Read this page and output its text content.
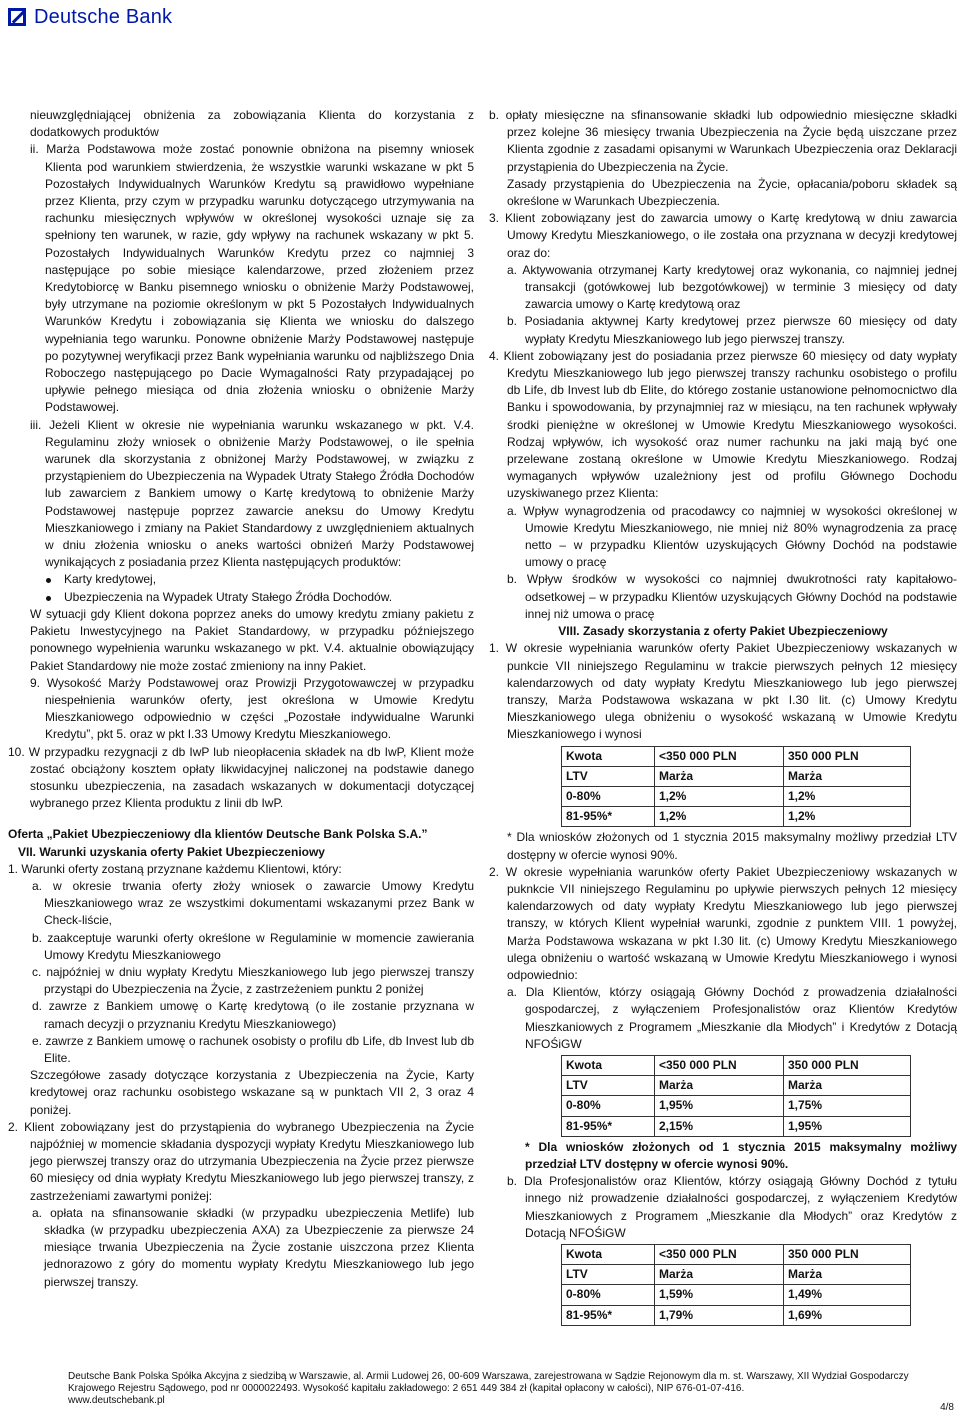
Deutsche Bank

nieuwzględniającej obniżenia za zobowiązania Klienta do korzystania z dodatkowych produktów

ii. Marża Podstawowa może zostać ponownie obniżona na pisemny wniosek Klienta pod warunkiem stwierdzenia, że wszystkie warunki wskazane w pkt 5 Pozostałych Indywidualnych Warunków Kredytu są prawidłowo wypełniane przez Klienta, przy czym w przypadku warunku dotyczącego utrzymywania na rachunku miesięcznych wpływów w określonej wysokości uznaje się za spełniony ten warunek, w razie, gdy wpływy na rachunek wskazany w pkt 5. Pozostałych Indywidualnych Warunków Kredytu przez co najmniej 3 następujące po sobie miesiące kalendarzowe, przed złożeniem przez Kredytobiorcę w Banku pisemnego wniosku o obniżenie Marży Podstawowej, były utrzymane na poziomie określonym w pkt 5 Pozostałych Indywidualnych Warunków Kredytu i zobowiązania się Klienta we wniosku do dalszego wypełniania tego warunku. Ponowne obniżenie Marży Podstawowej następuje po pozytywnej weryfikacji przez Bank wypełniania warunku od najbliższego Dnia Roboczego następującego po Dacie Wymagalności Raty przypadającej po upływie pełnego miesiąca od dnia złożenia wniosku o obniżenie Marży Podstawowej.

iii. Jeżeli Klient w okresie nie wypełniania warunku wskazanego w pkt. V.4. Regulaminu złoży wniosek o obniżenie Marży Podstawowej, o ile spełnia warunek dla skorzystania z obniżonej Marży Podstawowej, w związku z przystąpieniem do Ubezpieczenia na Wypadek Utraty Stałego Źródła Dochodów lub zawarciem z Bankiem umowy o Kartę kredytową to obniżenie Marży Podstawowej następuje poprzez zawarcie aneksu do Umowy Kredytu Mieszkaniowego i zmiany na Pakiet Standardowy z uwzględnieniem aktualnych w dniu złożenia wniosku o aneks wartości obniżeń Marży Podstawowej wynikających z posiadania przez Klienta następujących produktów:

Karty kredytowej,

Ubezpieczenia na Wypadek Utraty Stałego Źródła Dochodów.

W sytuacji gdy Klient dokona poprzez aneks do umowy kredytu zmiany pakietu z Pakietu Inwestycyjnego na Pakiet Standardowy, w przypadku późniejszego ponownego wypełnienia warunku wskazanego w pkt. V.4. aktualnie obowiązujący Pakiet Standardowy nie może zostać zmieniony na inny Pakiet.

9. Wysokość Marży Podstawowej oraz Prowizji Przygotowawczej w przypadku niespełnienia warunków oferty, jest określona w Umowie Kredytu Mieszkaniowego odpowiednio w części „Pozostałe indywidualne Warunki Kredytu”, pkt 5. oraz w pkt I.33 Umowy Kredytu Mieszkaniowego.

10. W przypadku rezygnacji z db IwP lub nieopłacenia składek na db IwP, Klient może zostać obciążony kosztem opłaty likwidacyjnej naliczonej na podstawie danego stosunku ubezpieczenia, na zasadach wskazanych w dokumentacji dotyczącej wybranego przez Klienta produktu z linii db IwP.

Oferta „Pakiet Ubezpieczeniowy dla klientów Deutsche Bank Polska S.A.”

VII. Warunki uzyskania oferty Pakiet Ubezpieczeniowy

1. Warunki oferty zostaną przyznane każdemu Klientowi, który:

a. w okresie trwania oferty złoży wniosek o zawarcie Umowy Kredytu Mieszkaniowego wraz ze wszystkimi dokumentami wskazanymi przez Bank w Check-liście,

b. zaakceptuje warunki oferty określone w Regulaminie w momencie zawierania Umowy Kredytu Mieszkaniowego

c. najpóźniej w dniu wypłaty Kredytu Mieszkaniowego lub jego pierwszej transzy przystąpi do Ubezpieczenia na Życie, z zastrzeżeniem punktu 2 poniżej

d. zawrze z Bankiem umowę o Kartę kredytową (o ile zostanie przyznana w ramach decyzji o przyznaniu Kredytu Mieszkaniowego)

e. zawrze z Bankiem umowę o rachunek osobisty o profilu db Life, db Invest lub db Elite.

Szczegółowe zasady dotyczące korzystania z Ubezpieczenia na Życie, Karty kredytowej oraz rachunku osobistego wskazane są w punktach VII 2, 3 oraz 4 poniżej.

2. Klient zobowiązany jest do przystąpienia do wybranego Ubezpieczenia na Życie najpóźniej w momencie składania dyspozycji wypłaty Kredytu Mieszkaniowego lub jego pierwszej transzy oraz do utrzymania Ubezpieczenia na Życie przez pierwsze 60 miesięcy od dnia wypłaty Kredytu Mieszkaniowego lub jego pierwszej transzy, z zastrzeżeniami zawartymi poniżej:

a. opłata na sfinansowanie składki (w przypadku ubezpieczenia Metlife) lub składka (w przypadku ubezpieczenia AXA) za Ubezpieczenie za pierwsze 24 miesiące trwania Ubezpieczenia na Życie zostanie uiszczona przez Klienta jednorazowo z góry do momentu wypłaty Kredytu Mieszkaniowego lub jego pierwszej transzy.

b. opłaty miesięczne na sfinansowanie składki lub odpowiednio miesięczne składki przez kolejne 36 miesięcy trwania Ubezpieczenia na Życie będą uiszczane przez Klienta zgodnie z zasadami opisanymi w Warunkach Ubezpieczenia oraz Deklaracji przystąpienia do Ubezpieczenia na Życie.

Zasady przystąpienia do Ubezpieczenia na Życie, opłacania/poboru składek są określone w Warunkach Ubezpieczenia.

3. Klient zobowiązany jest do zawarcia umowy o Kartę kredytową w dniu zawarcia Umowy Kredytu Mieszkaniowego, o ile została ona przyznana w decyzji kredytowej oraz do:

a. Aktywowania otrzymanej Karty kredytowej oraz wykonania, co najmniej jednej transakcji (gotówkowej lub bezgotówkowej) w terminie 3 miesięcy od daty zawarcia umowy o Kartę kredytową oraz

b. Posiadania aktywnej Karty kredytowej przez pierwsze 60 miesięcy od daty wypłaty Kredytu Mieszkaniowego lub jego pierwszej transzy.

4. Klient zobowiązany jest do posiadania przez pierwsze 60 miesięcy od daty wypłaty Kredytu Mieszkaniowego lub jego pierwszej transzy rachunku osobistego o profilu db Life, db Invest lub db Elite, do którego zostanie ustanowione pełnomocnictwo dla Banku i spowodowania, by przynajmniej raz w miesiącu, na ten rachunek wpływały środki pieniężne w określonej w Umowie Kredytu Mieszkaniowego wysokości. Rodzaj wpływów, ich wysokość oraz numer rachunku na jaki mają być one przelewane zostaną określone w Umowie Kredytu Mieszkaniowego. Rodzaj wymaganych wpływów uzależniony jest od profilu Głównego Dochodu uzyskiwanego przez Klienta:

a. Wpływ wynagrodzenia od pracodawcy co najmniej w wysokości określonej w Umowie Kredytu Mieszkaniowego, nie mniej niż 80% wynagrodzenia za pracę netto – w przypadku Klientów uzyskujących Główny Dochód na podstawie umowy o pracę

b. Wpływ środków w wysokości co najmniej dwukrotności raty kapitałowo-odsetkowej – w przypadku Klientów uzyskujących Główny Dochód na podstawie innej niż umowa o pracę

VIII. Zasady skorzystania z oferty Pakiet Ubezpieczeniowy

1. W okresie wypełniania warunków oferty Pakiet Ubezpieczeniowy wskazanych w punkcie VII niniejszego Regulaminu w trakcie pierwszych pełnych 12 miesięcy kalendarzowych od daty wypłaty Kredytu Mieszkaniowego lub jego pierwszej transzy, Marża Podstawowa wskazana w pkt I.30 lit. (c) Umowy Kredytu Mieszkaniowego ulega obniżeniu o wysokość wskazaną w Umowie Kredytu Mieszkaniowego i wynosi

Kwota	<350 000 PLN	350 000 PLN
LTV	Marża	Marża
0-80%	1,2%	1,2%
81-95%*	1,2%	1,2%

* Dla wniosków złożonych od 1 stycznia 2015 maksymalny możliwy przedział LTV dostępny w ofercie wynosi 90%.

2. W okresie wypełniania warunków oferty Pakiet Ubezpieczeniowy wskazanych w puknkcie VII niniejszego Regulaminu po upływie pierwszych pełnych 12 miesięcy kalendarzowych od daty wypłaty Kredytu Mieszkaniowego lub jego pierwszej transzy, w których Klient wypełniał warunki, zgodnie z punktem VIII. 1 powyżej, Marża Podstawowa wskazana w pkt I.30 lit. (c) Umowy Kredytu Mieszkaniowego ulega obniżeniu o wartość wskazaną w Umowie Kredytu Mieszkaniowego i wynosi odpowiednio:

a. Dla Klientów, którzy osiągają Główny Dochód z prowadzenia działalności gospodarczej, z wyłączeniem Profesjonalistów oraz Klientów Kredytów Mieszkaniowych z Programem „Mieszkanie dla Młodych” i Kredytów z Dotacją NFOŚiGW

Kwota	<350 000 PLN	350 000 PLN
LTV	Marża	Marża
0-80%	1,95%	1,75%
81-95%*	2,15%	1,95%

* Dla wniosków złożonych od 1 stycznia 2015 maksymalny możliwy przedział LTV dostępny w ofercie wynosi 90%.

b. Dla Profesjonalistów oraz Klientów, którzy osiągają Główny Dochód z tytułu innego niż prowadzenie działalności gospodarczej, z wyłączeniem Kredytów Mieszkaniowych z Programem „Mieszkanie dla Młodych” oraz Kredytów z Dotacją NFOŚiGW

Kwota	<350 000 PLN	350 000 PLN
LTV	Marża	Marża
0-80%	1,59%	1,49%
81-95%*	1,79%	1,69%
Deutsche Bank Polska Spółka Akcyjna z siedzibą w Warszawie, al. Armii Ludowej 26, 00-609 Warszawa, zarejestrowana w Sądzie Rejonowym dla m. st. Warszawy, XII Wydział Gospodarczy
Krajowego Rejestru Sądowego, pod nr 0000022493. Wysokość kapitału zakładowego: 2 651 449 384 zł (kapitał opłacony w całości), NIP 676-01-07-416.
www.deutschebank.pl
4/8
